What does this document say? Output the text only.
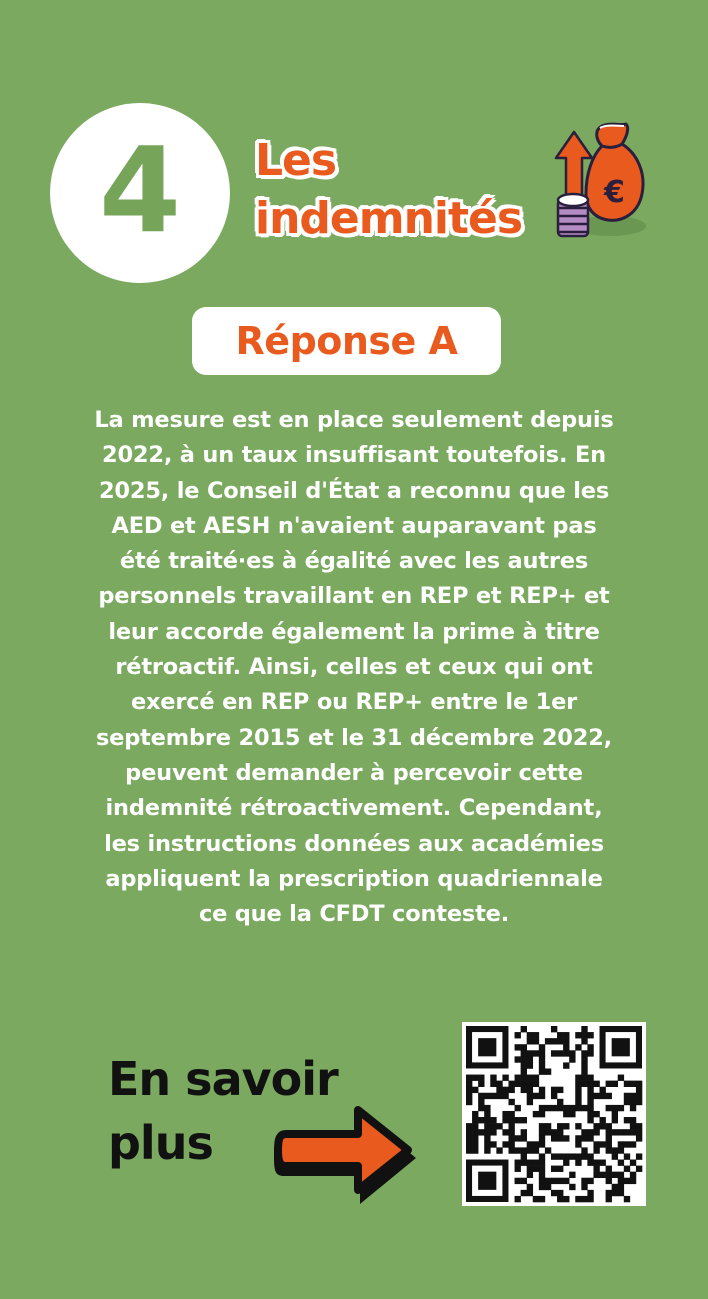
4 Les
indemnités
€
Réponse A
La mesure est en place seulement depuis
2022, à un taux insuffisant toutefois. En
2025, le Conseil d'État a reconnu que les
AED et AESH n'avaient auparavant pas
été traité·es à égalité avec les autres
personnels travaillant en REP et REP+ et
leur accorde également la prime à titre
rétroactif. Ainsi, celles et ceux qui ont
exercé en REP ou REP+ entre le 1er
septembre 2015 et le 31 décembre 2022,
peuvent demander à percevoir cette
indemnité rétroactivement. Cependant,
les instructions données aux académies
appliquent la prescription quadriennale
ce que la CFDT conteste.
En savoir
plus
